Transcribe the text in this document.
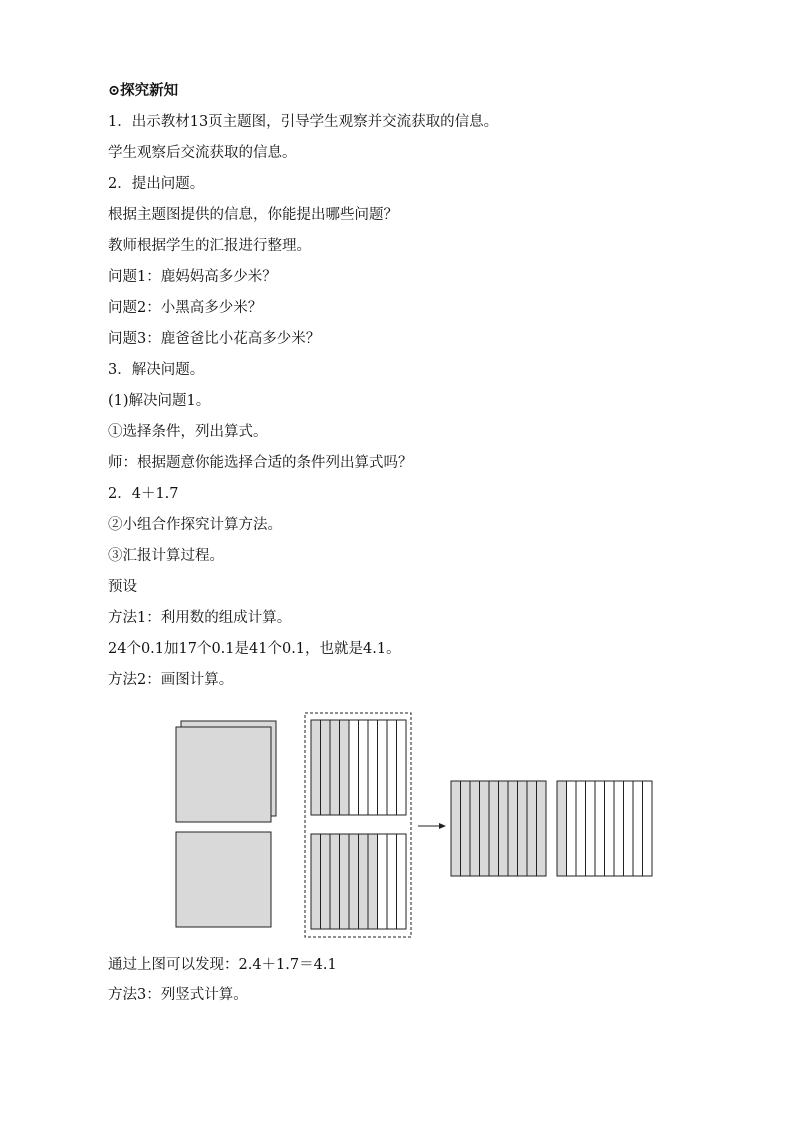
⊙探究新知
1．出示教材13页主题图，引导学生观察并交流获取的信息。
学生观察后交流获取的信息。
2．提出问题。
根据主题图提供的信息，你能提出哪些问题？
教师根据学生的汇报进行整理。
问题1：鹿妈妈高多少米？
问题2：小黑高多少米？
问题3：鹿爸爸比小花高多少米？
3．解决问题。
(1)解决问题1。
①选择条件，列出算式。
师：根据题意你能选择合适的条件列出算式吗？
2．4＋1.7
②小组合作探究计算方法。
③汇报计算过程。
预设
方法1：利用数的组成计算。
24个0.1加17个0.1是41个0.1，也就是4.1。
方法2：画图计算。
通过上图可以发现：2.4＋1.7＝4.1
方法3：列竖式计算。
